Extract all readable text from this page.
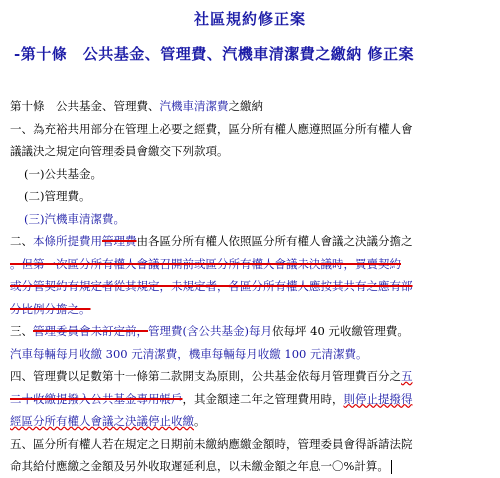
社區規約修正案
-第十條　公共基金、管理費、汽機車清潔費之繳納 修正案
第十條　公共基金、管理費、汽機車清潔費之繳納
一、為充裕共用部分在管理上必要之經費，區分所有權人應遵照區分所有權人會
議議決之規定向管理委員會繳交下列款項。
(一)公共基金。
(二)管理費。
(三)汽機車清潔費。
二、本條所提費用管理費由各區分所有權人依照區分所有權人會議之決議分擔之
。但第一次區分所有權人會議召開前或區分所有權人會議未決議時，買賣契約
或分管契約有規定者從其規定，未規定者，各區分所有權人應按其共有之應有部
分比例分擔之。
三、管理委員會未訂定前，管理費(含公共基金)每月依每坪 40 元收繳管理費。
汽車每輛每月收繳 300 元清潔費，機車每輛每月收繳 100 元清潔費。
四、管理費以足數第十一條第二款開支為原則，公共基金依每月管理費百分之五
二十收繳提撥入公共基金專用帳戶，其金額達二年之管理費用時，則停止提撥得
經區分所有權人會議之決議停止收繳。
五、區分所有權人若在規定之日期前未繳納應繳金額時，管理委員會得訴請法院
命其給付應繳之金額及另外收取遲延利息，以未繳金額之年息一〇%計算。
